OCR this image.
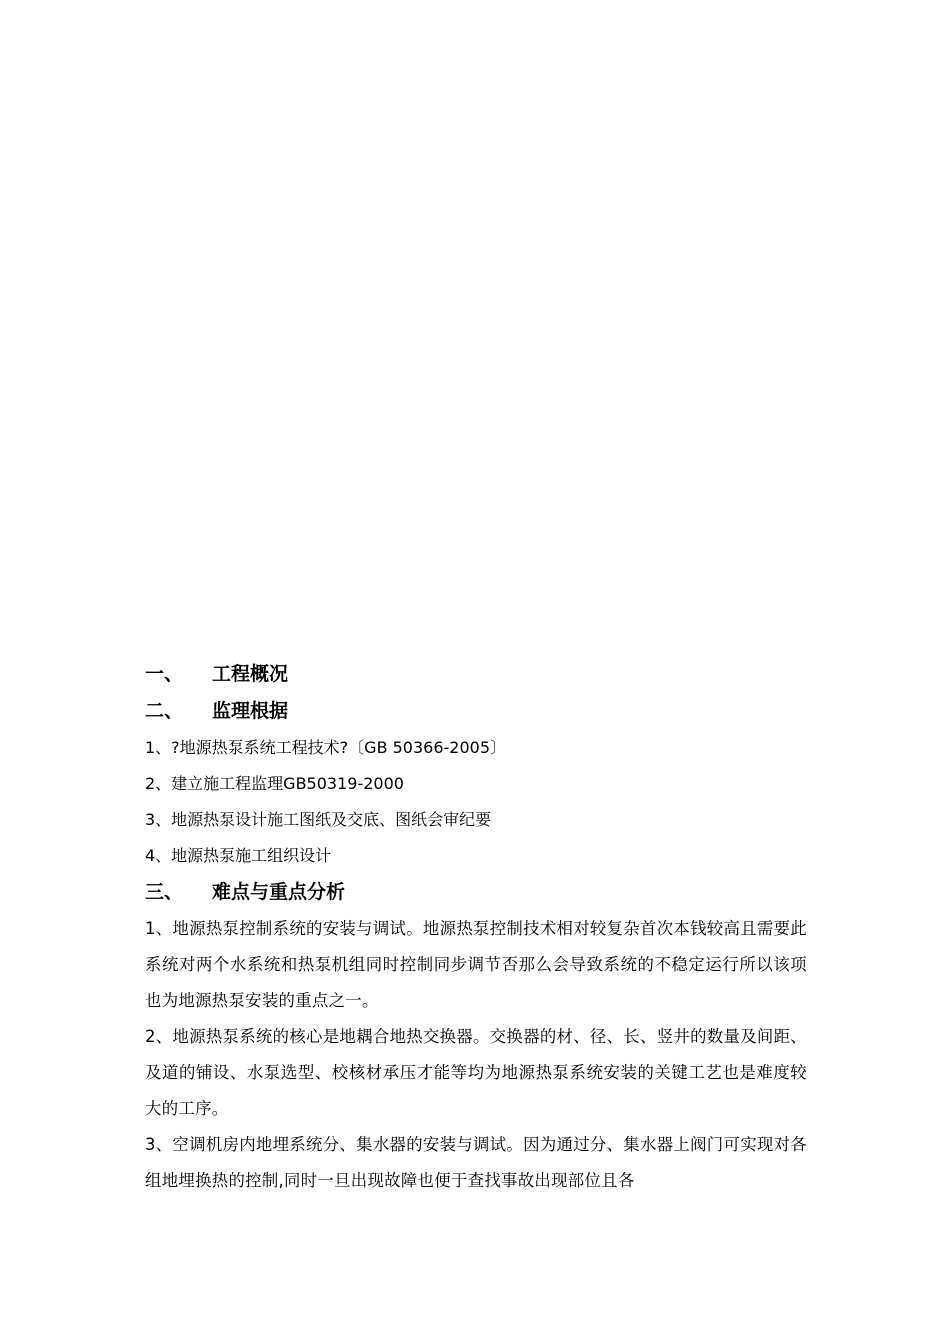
一、 工程概况
二、 监理根据
1、?地源热泵系统工程技术?〔GB 50366-2005〕
2、建立施工程监理GB50319-2000
3、地源热泵设计施工图纸及交底、图纸会审纪要
4、地源热泵施工组织设计
三、 难点与重点分析
1、地源热泵控制系统的安装与调试。地源热泵控制技术相对较复杂首次本钱较高且需要此系统对两个水系统和热泵机组同时控制同步调节否那么会导致系统的不稳定运行所以该项也为地源热泵安装的重点之一。
2、地源热泵系统的核心是地耦合地热交换器。交换器的材、径、长、竖井的数量及间距、及道的铺设、水泵选型、校核材承压才能等均为地源热泵系统安装的关键工艺也是难度较大的工序。
3、空调机房内地埋系统分、集水器的安装与调试。因为通过分、集水器上阀门可实现对各组地埋换热的控制,同时一旦出现故障也便于查找事故出现部位且各
